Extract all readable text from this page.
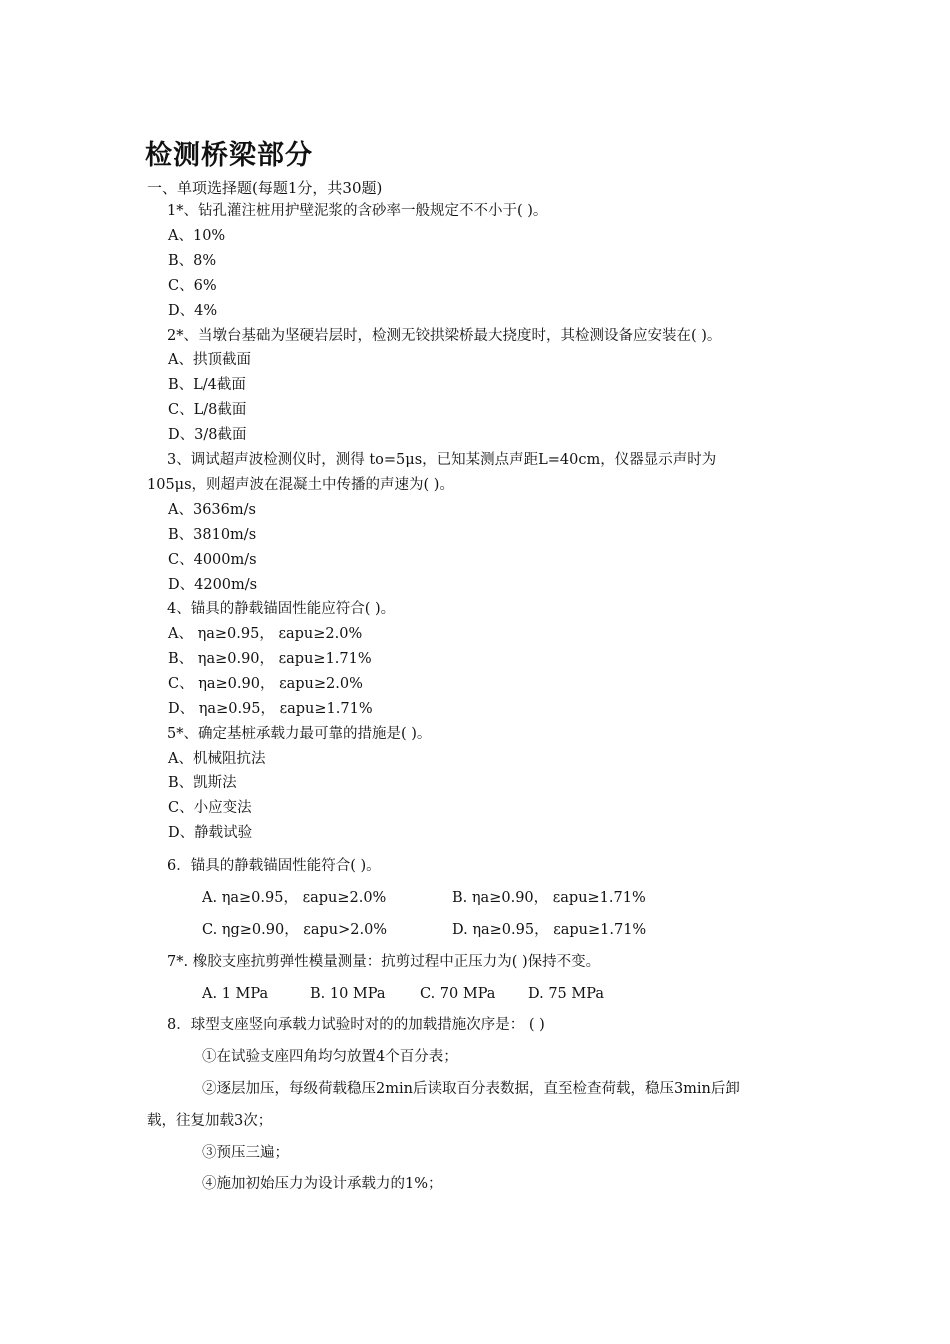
检测桥梁部分
一、单项选择题(每题1分，共30题)
1*、钻孔灌注桩用护壁泥浆的含砂率一般规定不不小于( )。
A、10%
B、8%
C、6%
D、4%
2*、当墩台基础为坚硬岩层时，检测无铰拱梁桥最大挠度时，其检测设备应安装在( )。
A、拱顶截面
B、L/4截面
C、L/8截面
D、3/8截面
3、调试超声波检测仪时，测得 to=5μs，已知某测点声距L=40cm，仪器显示声时为
105μs，则超声波在混凝土中传播的声速为( )。
A、3636m/s
B、3810m/s
C、4000m/s
D、4200m/s
4、锚具的静载锚固性能应符合( )。
A、 ηa≥0.95， εapu≥2.0%
B、 ηa≥0.90， εapu≥1.71%
C、 ηa≥0.90， εapu≥2.0%
D、 ηa≥0.95， εapu≥1.71%
5*、确定基桩承载力最可靠的措施是( )。
A、机械阻抗法
B、凯斯法
C、小应变法
D、静载试验
6．锚具的静载锚固性能符合( )。
A. ηa≥0.95， εapu≥2.0%	B. ηa≥0.90， εapu≥1.71%
C. ηg≥0.90， εapu>2.0%	D. ηa≥0.95， εapu≥1.71%
7*. 橡胶支座抗剪弹性模量测量：抗剪过程中正压力为( )保持不变。
A. 1 MPa	B. 10 MPa C. 70 MPa D. 75 MPa
8．球型支座竖向承载力试验时对的的加载措施次序是： ( )
①在试验支座四角均匀放置4个百分表；
②逐层加压，每级荷载稳压2min后读取百分表数据，直至检查荷载，稳压3min后卸
载，往复加载3次；
③预压三遍；
④施加初始压力为设计承载力的1%；
